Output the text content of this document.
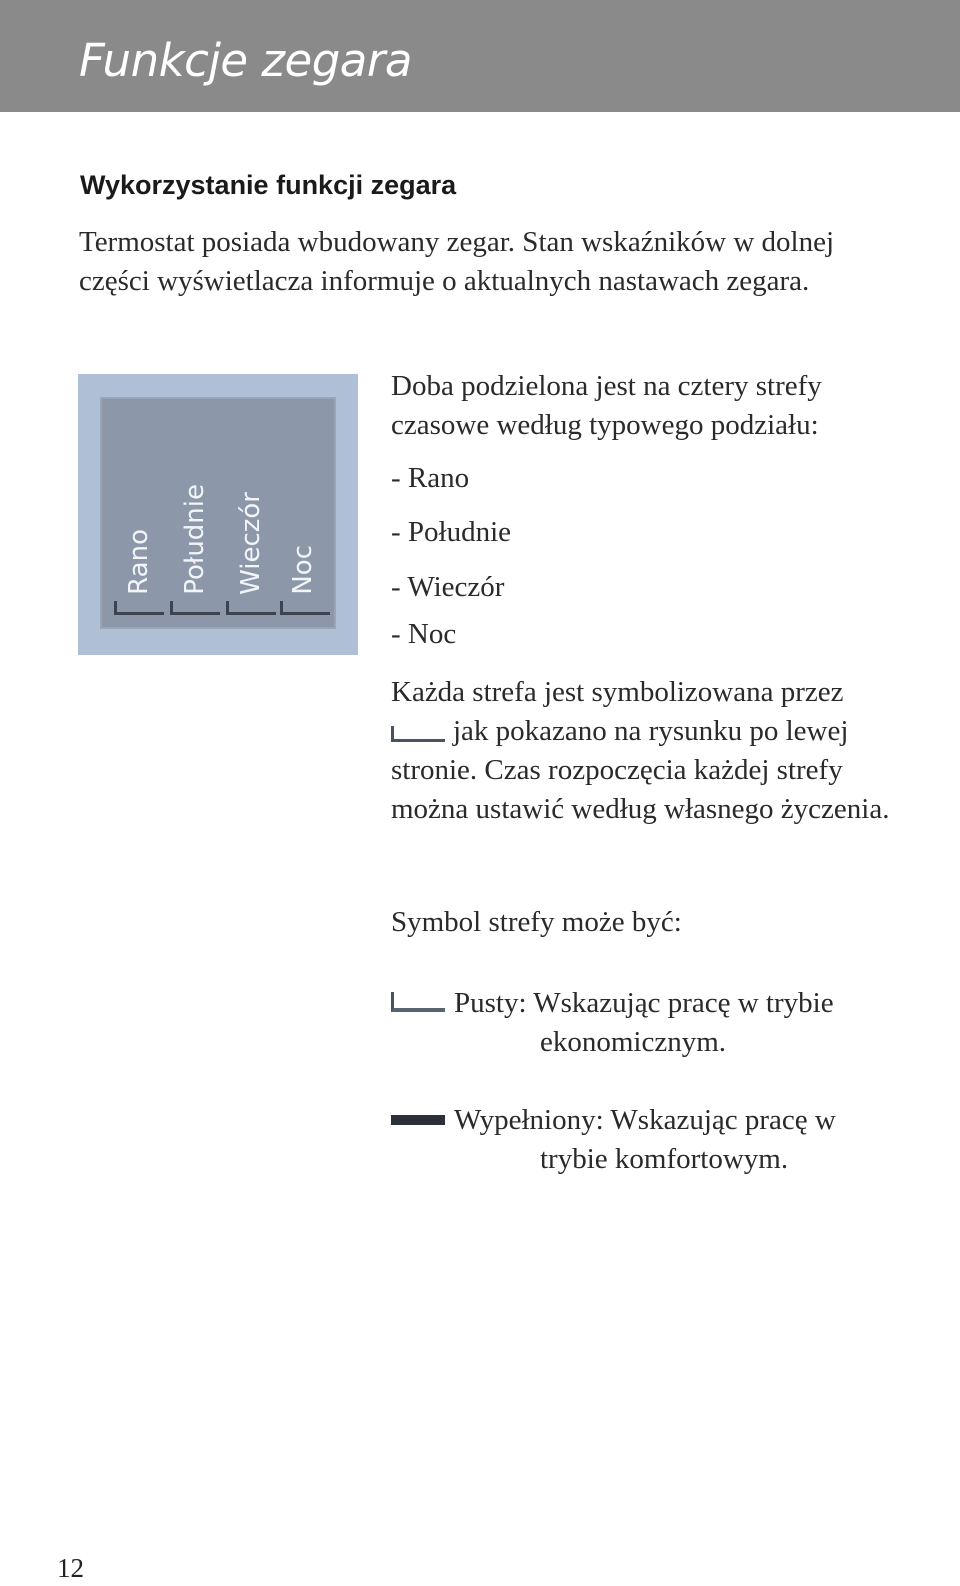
Funkcje zegara
Wykorzystanie funkcji zegara

Termostat posiada wbudowany zegar. Stan wskaźników w dolnej części wyświetlacza informuje o aktualnych nastawach zegara.

Rano Południe Wieczór Noc

Doba podzielona jest na cztery strefy czasowe według typowego podziału:

- Rano
- Południe
- Wieczór
- Noc

Każda strefa jest symbolizowana przez
jak pokazano na rysunku po lewej stronie. Czas rozpoczęcia każdej strefy można ustawić według własnego życzenia.

Symbol strefy może być:

Pusty: Wskazując pracę w trybie
ekonomicznym.

Wypełniony: Wskazując pracę w
trybie komfortowym.

12
